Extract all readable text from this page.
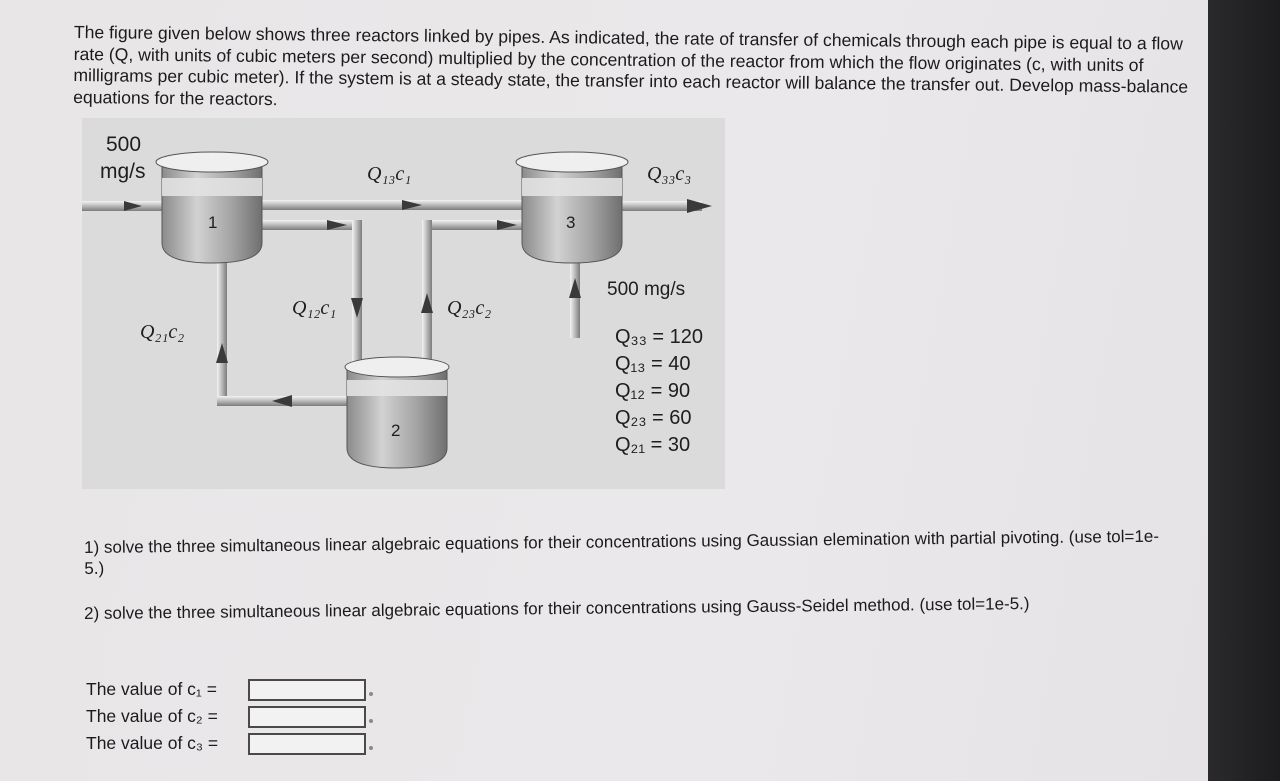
The figure given below shows three reactors linked by pipes. As indicated, the rate of transfer of chemicals through each pipe is equal to a flow rate (Q, with units of cubic meters per second) multiplied by the concentration of the reactor from which the flow originates (c, with units of milligrams per cubic meter). If the system is at a steady state, the transfer into each reactor will balance the transfer out. Develop mass-balance equations for the reactors.

500
mg/s
1	3
2
Q₁₃c₁	Q₃₃c₃
Q₁₂c₁	Q₂₃c₂
Q₂₁c₂
500 mg/s
Q₃₃ = 120
Q₁₃ = 40
Q₁₂ = 90
Q₂₃ = 60
Q₂₁ = 30

1) solve the three simultaneous linear algebraic equations for their concentrations using Gaussian elemination with partial pivoting. (use tol=1e-5.)

2) solve the three simultaneous linear algebraic equations for their concentrations using Gauss-Seidel method. (use tol=1e-5.)

The value of c₁ =
The value of c₂ =
The value of c₃ =
